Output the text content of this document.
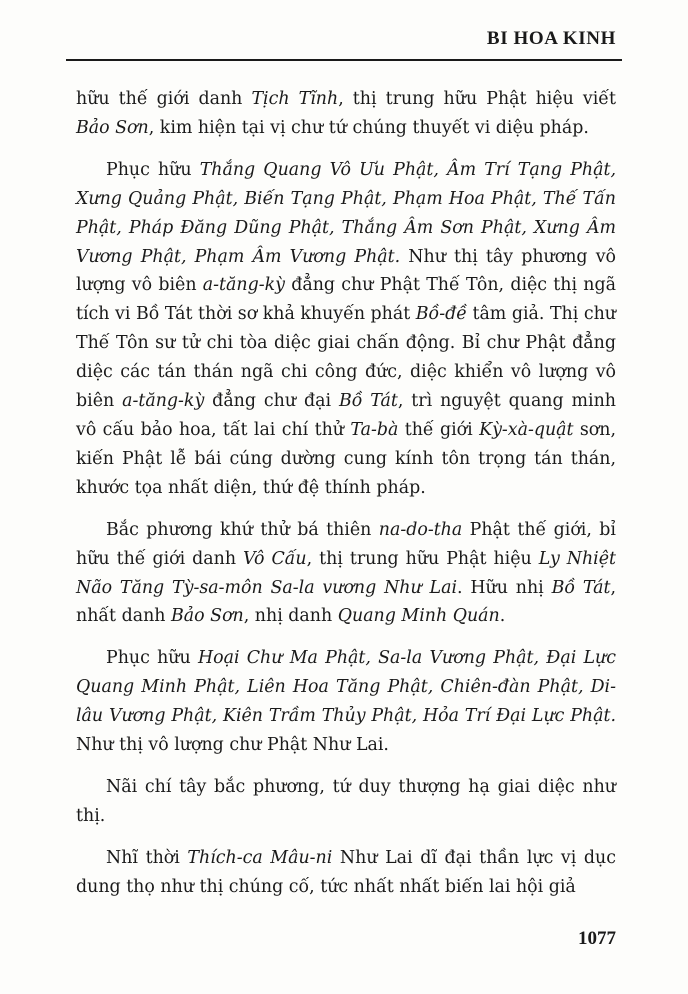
BI HOA KINH

hữu thế giới danh Tịch Tĩnh, thị trung hữu Phật hiệu viết Bảo Sơn, kim hiện tại vị chư tứ chúng thuyết vi diệu pháp.

Phục hữu Thắng Quang Vô Ưu Phật, Âm Trí Tạng Phật, Xưng Quảng Phật, Biến Tạng Phật, Phạm Hoa Phật, Thế Tấn Phật, Pháp Đăng Dũng Phật, Thắng Âm Sơn Phật, Xưng Âm Vương Phật, Phạm Âm Vương Phật. Như thị tây phương vô lượng vô biên a-tăng-kỳ đẳng chư Phật Thế Tôn, diệc thị ngã tích vi Bồ Tát thời sơ khả khuyến phát Bồ-đề tâm giả. Thị chư Thế Tôn sư tử chi tòa diệc giai chấn động. Bỉ chư Phật đẳng diệc các tán thán ngã chi công đức, diệc khiển vô lượng vô biên a-tăng-kỳ đẳng chư đại Bồ Tát, trì nguyệt quang minh vô cấu bảo hoa, tất lai chí thử Ta-bà thế giới Kỳ-xà-quật sơn, kiến Phật lễ bái cúng dường cung kính tôn trọng tán thán, khước tọa nhất diện, thứ đệ thính pháp.

Bắc phương khứ thử bá thiên na-do-tha Phật thế giới, bỉ hữu thế giới danh Vô Cấu, thị trung hữu Phật hiệu Ly Nhiệt Não Tăng Tỳ-sa-môn Sa-la vương Như Lai. Hữu nhị Bồ Tát, nhất danh Bảo Sơn, nhị danh Quang Minh Quán.

Phục hữu Hoại Chư Ma Phật, Sa-la Vương Phật, Đại Lực Quang Minh Phật, Liên Hoa Tăng Phật, Chiên-đàn Phật, Di-lâu Vương Phật, Kiên Trầm Thủy Phật, Hỏa Trí Đại Lực Phật. Như thị vô lượng chư Phật Như Lai.

Nãi chí tây bắc phương, tứ duy thượng hạ giai diệc như thị.

Nhĩ thời Thích-ca Mâu-ni Như Lai dĩ đại thần lực vị dục dung thọ như thị chúng cố, tức nhất nhất biến lai hội giả

1077
